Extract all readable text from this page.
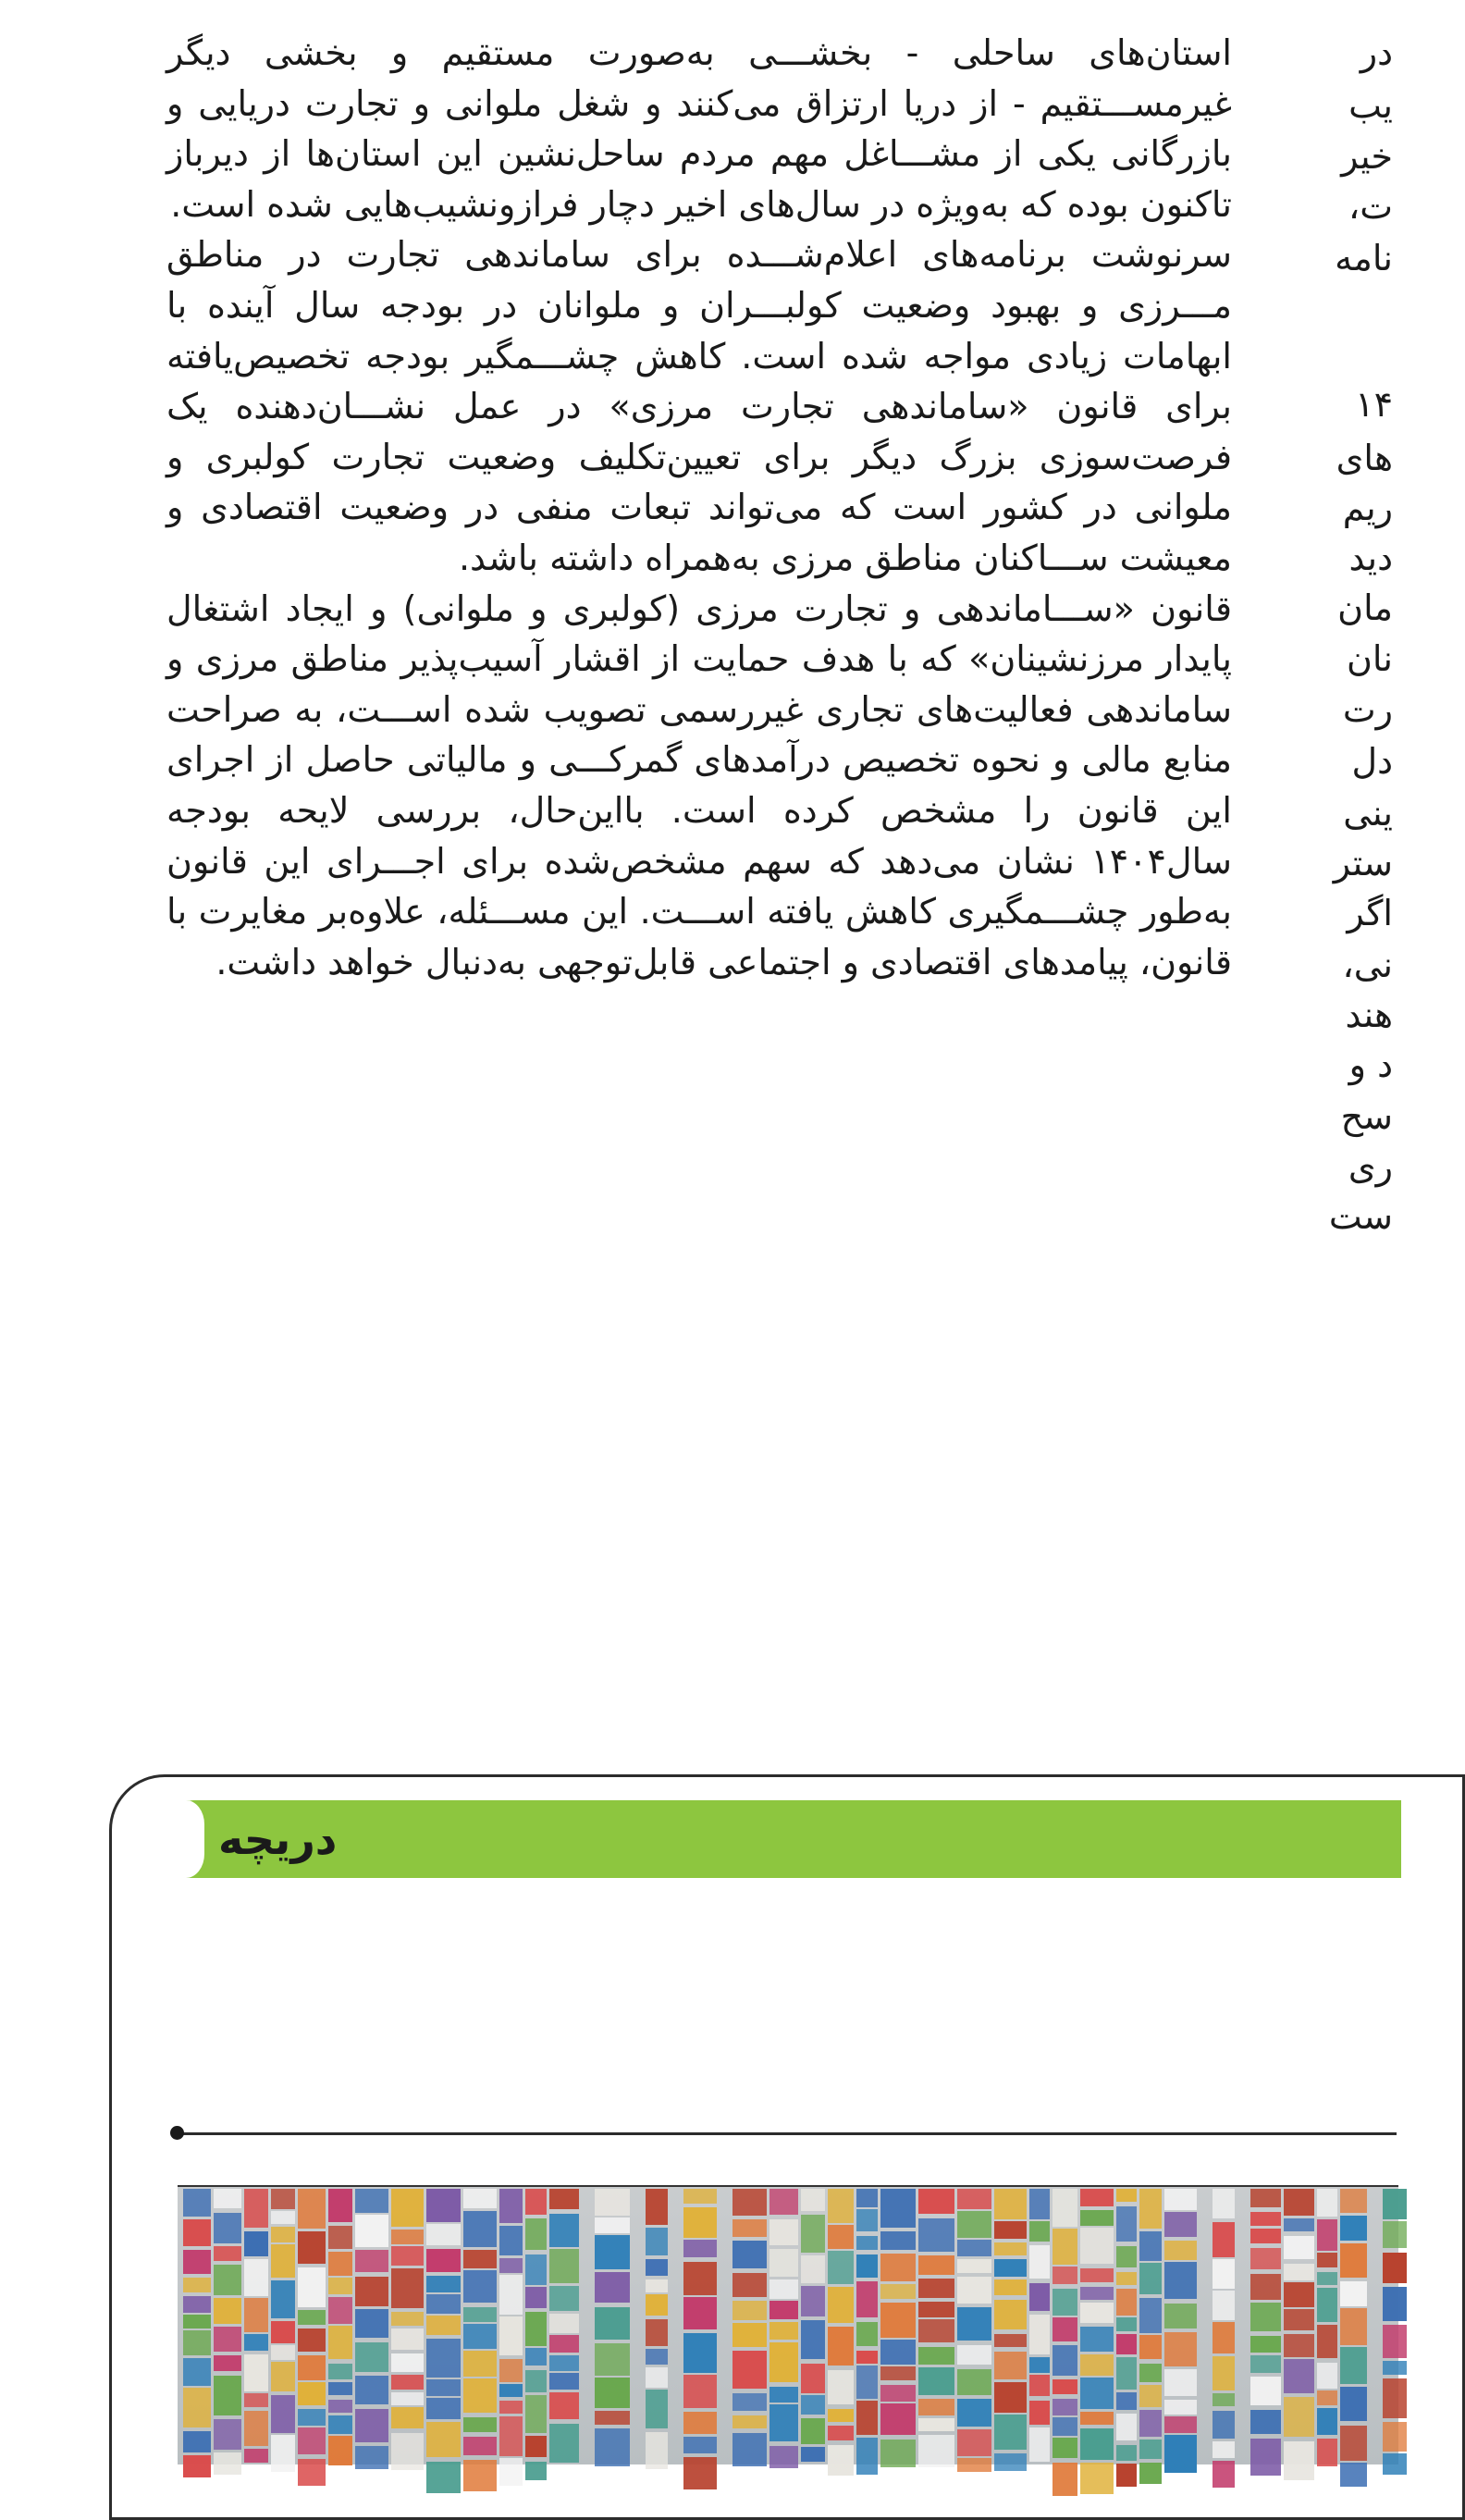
استان‌های ساحلی - بخشـــی به‌صورت مستقیم و بخشی دیگر غیرمســـتقیم - از دریا ارتزاق می‌کنند و شغل ملوانی و تجارت دریایی و بازرگانی یکی از مشـــاغل مهم مردم ساحل‌نشین این استان‌ها از دیرباز تاکنون بوده که به‌ویژه در سال‌های اخیر دچار فرازونشیب‌هایی شده است.

سرنوشت برنامه‌های اعلام‌شـــده برای ساماندهی تجارت در مناطق مـــرزی و بهبود وضعیت کولبـــران و ملوانان در بودجه سال آینده با ابهامات زیادی مواجه شده است. کاهش چشـــمگیر بودجه تخصیص‌یافته برای قانون «ساماندهی تجارت مرزی» در عمل نشـــان‌دهنده یک فرصت‌سوزی بزرگ دیگر برای تعیین‌تکلیف وضعیت تجارت کولبری و ملوانی در کشور است که می‌تواند تبعات منفی در وضعیت اقتصادی و معیشت ســـاکنان مناطق مرزی به‌همراه داشته باشد.

قانون «ســـاماندهی و تجارت مرزی (کولبری و ملوانی) و ایجاد اشتغال پایدار مرزنشینان» که با هدف حمایت از اقشار آسیب‌پذیر مناطق مرزی و ساماندهی فعالیت‌های تجاری غیررسمی تصویب شده اســـت، به صراحت منابع مالی و نحوه تخصیص درآمدهای گمرکـــی و مالیاتی حاصل از اجرای این قانون را مشخص کرده است. بااین‌حال، بررسی لایحه بودجه سال۱۴۰۴ نشان می‌دهد که سهم مشخص‌شده برای اجـــرای این قانون به‌طور چشـــمگیری کاهش یافته اســـت. این مســـئله، علاوه‌بر مغایرت با قانون، پیامدهای اقتصادی و اجتماعی قابل‌توجهی به‌دنبال خواهد داشت.

در
یب
خیر
ت،
نامه
۱۴
های
ریم
دید
مان
نان
رت
دل
ینی
ستر
اگر
نی،
هند
د و
سح
ری
ست
دریچه
